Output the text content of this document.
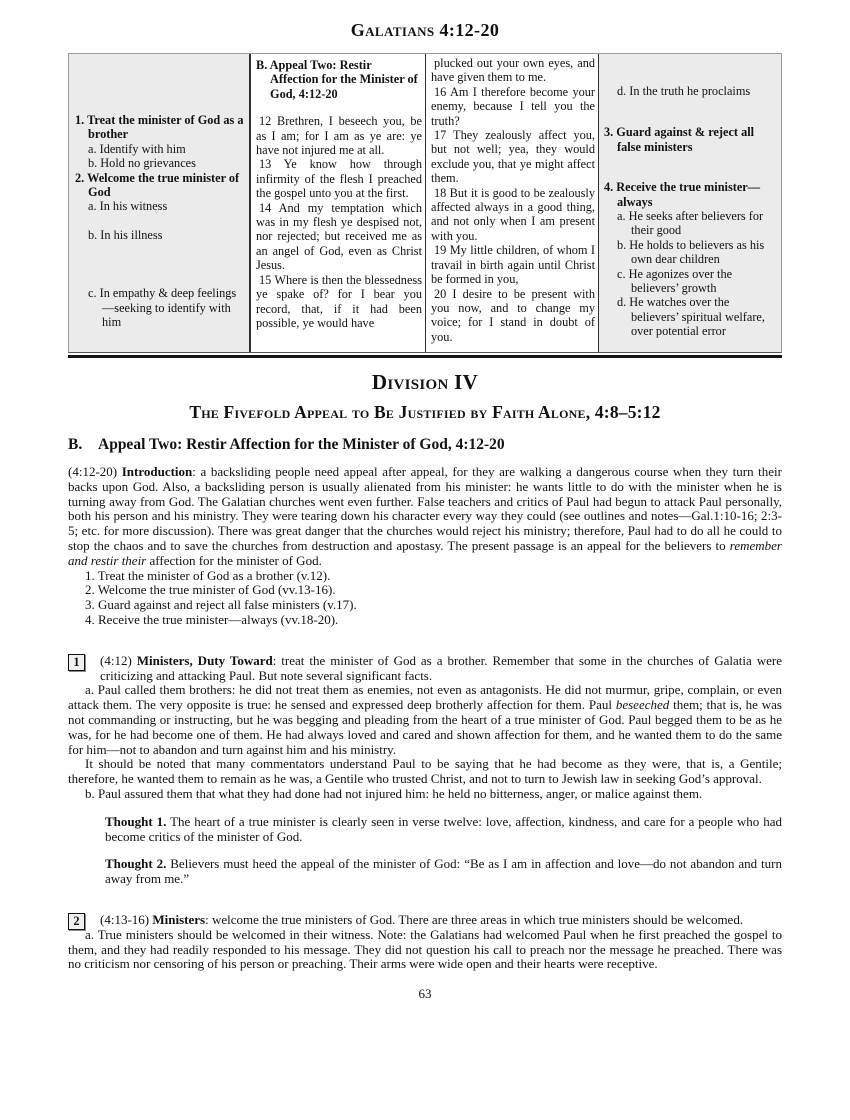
Galatians 4:12-20
1. Treat the minister of God as a brother
a. Identify with him
b. Hold no grievances
2. Welcome the true minister of God
a. In his witness
b. In his illness
c. In empathy & deep feelings—seeking to identify with him
B. Appeal Two: Restir Affection for the Minister of God, 4:12-20

12 Brethren, I beseech you, be as I am; for I am as ye are: ye have not injured me at all.

13 Ye know how through infirmity of the flesh I preached the gospel unto you at the first.

14 And my temptation which was in my flesh ye despised not, nor rejected; but received me as an angel of God, even as Christ Jesus.

15 Where is then the blessedness ye spake of? for I bear you record, that, if it had been possible, ye would have

plucked out your own eyes, and have given them to me.

16 Am I therefore become your enemy, because I tell you the truth?

17 They zealously affect you, but not well; yea, they would exclude you, that ye might affect them.

18 But it is good to be zealously affected always in a good thing, and not only when I am present with you.

19 My little children, of whom I travail in birth again until Christ be formed in you,

20 I desire to be present with you now, and to change my voice; for I stand in doubt of you.

d. In the truth he proclaims
3. Guard against & reject all false ministers
4. Receive the true minister—always
a. He seeks after believers for their good
b. He holds to believers as his own dear children
c. He agonizes over the believers’ growth
d. He watches over the believers’ spiritual welfare, over potential error
Division IV
The Fivefold Appeal to Be Justified by Faith Alone, 4:8–5:12
B. Appeal Two: Restir Affection for the Minister of God, 4:12-20

(4:12-20) Introduction: a backsliding people need appeal after appeal, for they are walking a dangerous course when they turn their backs upon God. Also, a backsliding person is usually alienated from his minister: he wants little to do with the minister when he is turning away from God. The Galatian churches went even further. False teachers and critics of Paul had begun to attack Paul personally, both his person and his ministry. They were tearing down his character every way they could (see outlines and notes—Gal.1:10-16; 2:3-5; etc. for more discussion). There was great danger that the churches would reject his ministry; therefore, Paul had to do all he could to stop the chaos and to save the churches from destruction and apostasy. The present passage is an appeal for the believers to remember and restir their affection for the minister of God.

1. Treat the minister of God as a brother (v.12).
2. Welcome the true minister of God (vv.13-16).
3. Guard against and reject all false ministers (v.17).
4. Receive the true minister—always (vv.18-20).
1	(4:12) Ministers, Duty Toward: treat the minister of God as a brother. Remember that some in the churches of Galatia were criticizing and attacking Paul. But note several significant facts.

a. Paul called them brothers: he did not treat them as enemies, not even as antagonists. He did not murmur, gripe, complain, or even attack them. The very opposite is true: he sensed and expressed deep brotherly affection for them. Paul beseeched them; that is, he was not commanding or instructing, but he was begging and pleading from the heart of a true minister of God. Paul begged them to be as he was, for he had become one of them. He had always loved and cared and shown affection for them, and he wanted them to do the same for him—not to abandon and turn against him and his ministry.

It should be noted that many commentators understand Paul to be saying that he had become as they were, that is, a Gentile; therefore, he wanted them to remain as he was, a Gentile who trusted Christ, and not to turn to Jewish law in seeking God’s approval.

b. Paul assured them that what they had done had not injured him: he held no bitterness, anger, or malice against them.

Thought 1. The heart of a true minister is clearly seen in verse twelve: love, affection, kindness, and care for a people who had become critics of the minister of God.
Thought 2. Believers must heed the appeal of the minister of God: “Be as I am in affection and love—do not abandon and turn away from me.”
2	(4:13-16) Ministers: welcome the true ministers of God. There are three areas in which true ministers should be welcomed.

a. True ministers should be welcomed in their witness. Note: the Galatians had welcomed Paul when he first preached the gospel to them, and they had readily responded to his message. They did not question his call to preach nor the message he preached. There was no criticism nor censoring of his person or preaching. Their arms were wide open and their hearts were receptive.

63
